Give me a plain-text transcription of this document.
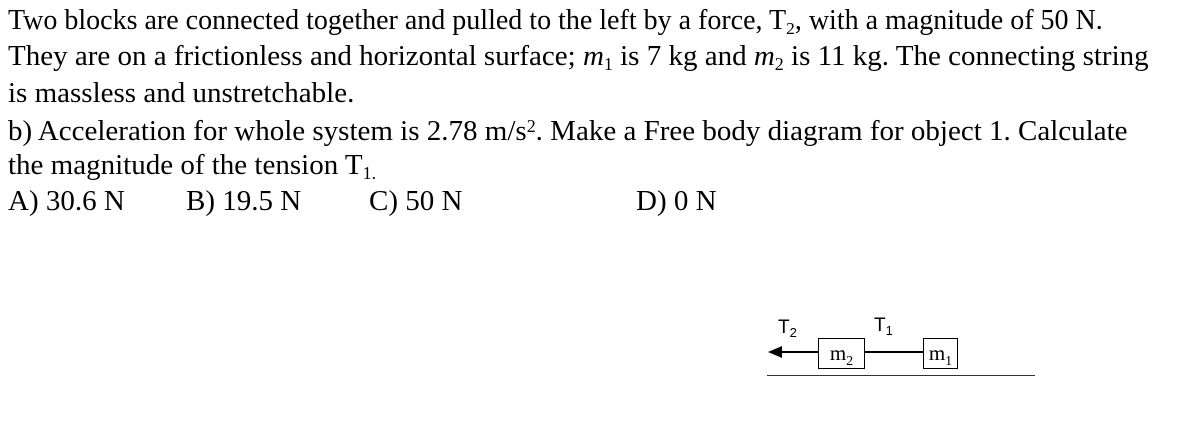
Two blocks are connected together and pulled to the left by a force, $T_2$, with a magnitude of 50 N.
They are on a frictionless and horizontal surface; $m_1$ is 7 kg and $m_2$ is 11 kg. The connecting string
is massless and unstretchable.
b) Acceleration for whole system is 2.78 $m/s^2$. Make a Free body diagram for object 1. Calculate
the magnitude of the tension $T_{1.}$
A) 30.6 N B) 19.5 N C) 50 N	D) 0 N
$T_2$	$T_1$
$m_2$	$m_1$
